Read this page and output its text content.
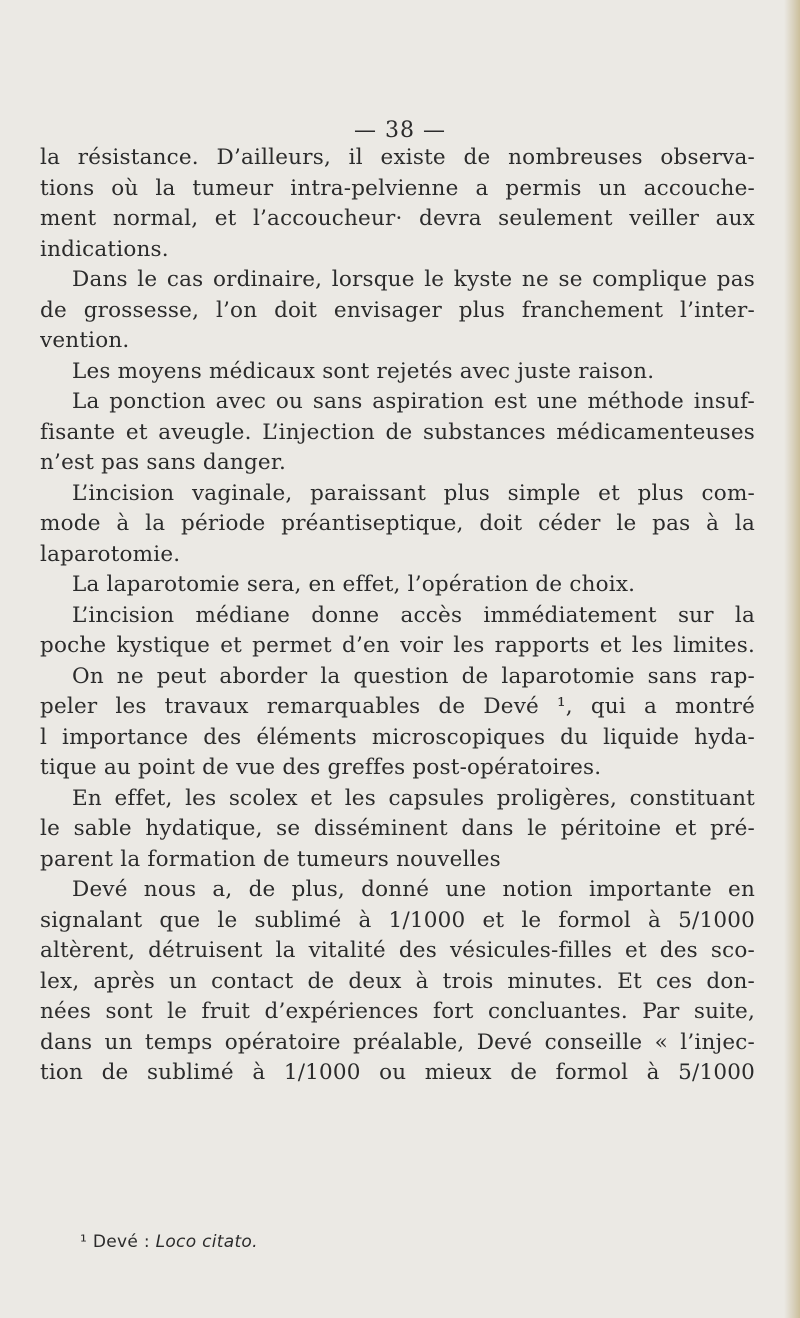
— 38 —
la résistance. D’ailleurs, il existe de nombreuses observa-
tions où la tumeur intra-pelvienne a permis un accouche-
ment normal, et l’accoucheur· devra seulement veiller aux
indications.
Dans le cas ordinaire, lorsque le kyste ne se complique pas
de grossesse, l’on doit envisager plus franchement l’inter-
vention.
Les moyens médicaux sont rejetés avec juste raison.
La ponction avec ou sans aspiration est une méthode insuf-
fisante et aveugle. L’injection de substances médicamenteuses
n’est pas sans danger.
L’incision vaginale, paraissant plus simple et plus com-
mode à la période préantiseptique, doit céder le pas à la
laparotomie.
La laparotomie sera, en effet, l’opération de choix.
L’incision médiane donne accès immédiatement sur la
poche kystique et permet d’en voir les rapports et les limites.
On ne peut aborder la question de laparotomie sans rap-
peler les travaux remarquables de Devé ¹, qui a montré
l importance des éléments microscopiques du liquide hyda-
tique au point de vue des greffes post-opératoires.
En effet, les scolex et les capsules proligères, constituant
le sable hydatique, se disséminent dans le péritoine et pré-
parent la formation de tumeurs nouvelles
Devé nous a, de plus, donné une notion importante en
signalant que le sublimé à 1/1000 et le formol à 5/1000
altèrent, détruisent la vitalité des vésicules-filles et des sco-
lex, après un contact de deux à trois minutes. Et ces don-
nées sont le fruit d’expériences fort concluantes. Par suite,
dans un temps opératoire préalable, Devé conseille « l’injec-
tion de sublimé à 1/1000 ou mieux de formol à 5/1000
¹ Devé : Loco citato.
